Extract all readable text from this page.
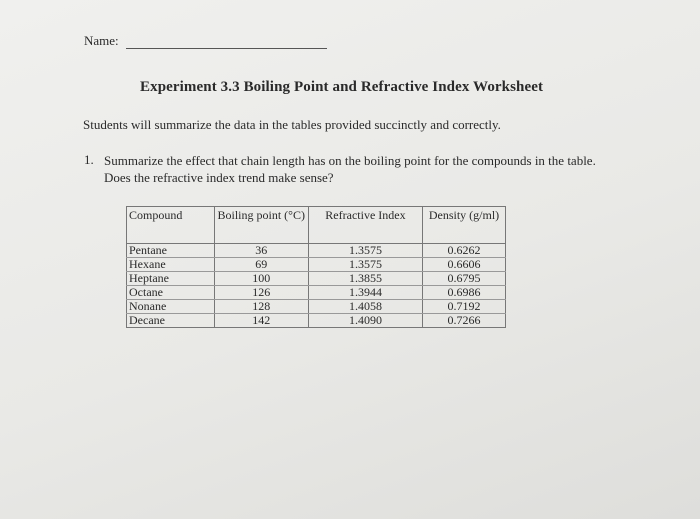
Name:
Experiment 3.3 Boiling Point and Refractive Index Worksheet
Students will summarize the data in the tables provided succinctly and correctly.
1. Summarize the effect that chain length has on the boiling point for the compounds in the table. Does the refractive index trend make sense?
Compound	Boiling point (°C)	Refractive Index	Density (g/ml)
Pentane	36	1.3575	0.6262
Hexane	69	1.3575	0.6606
Heptane	100	1.3855	0.6795
Octane	126	1.3944	0.6986
Nonane	128	1.4058	0.7192
Decane	142	1.4090	0.7266
